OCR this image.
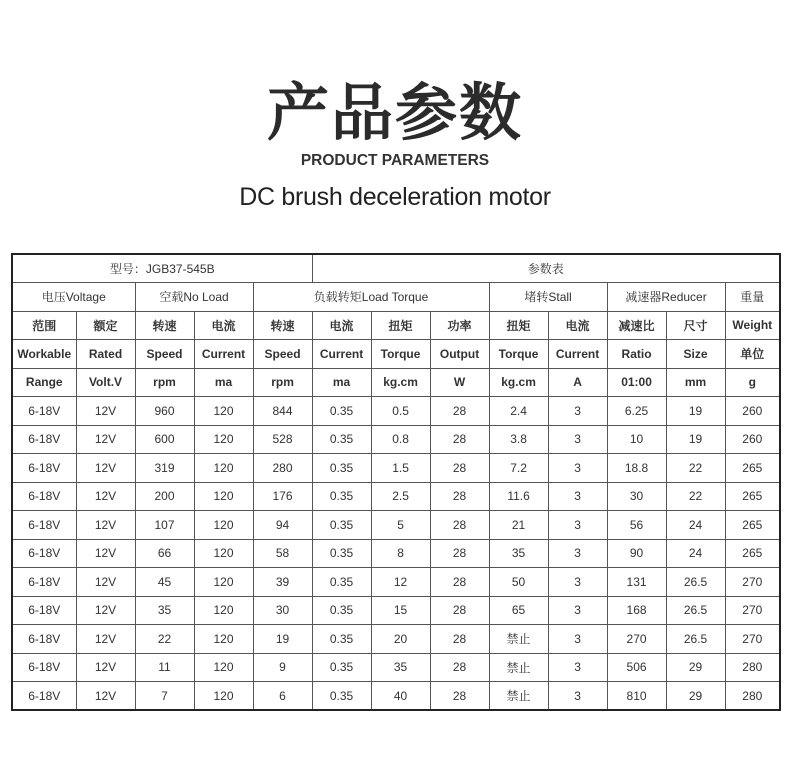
产品参数
PRODUCT PARAMETERS
DC brush deceleration motor
型号：JGB37-545B					参数表							
电压Voltage		空载No Load		负载转矩Load Torque				堵转Stall		减速器Reducer		重量
范围	额定	转速	电流	转速	电流	扭矩	功率	扭矩	电流	减速比	尺寸	Weight
Workable	Rated	Speed	Current	Speed	Current	Torque	Output	Torque	Current	Ratio	Size	单位
Range	Volt.V	rpm	ma	rpm	ma	kg.cm	W	kg.cm	A	01:00	mm	g
6-18V	12V	960	120	844	0.35	0.5	28	2.4	3	6.25	19	260
6-18V	12V	600	120	528	0.35	0.8	28	3.8	3	10	19	260
6-18V	12V	319	120	280	0.35	1.5	28	7.2	3	18.8	22	265
6-18V	12V	200	120	176	0.35	2.5	28	11.6	3	30	22	265
6-18V	12V	107	120	94	0.35	5	28	21	3	56	24	265
6-18V	12V	66	120	58	0.35	8	28	35	3	90	24	265
6-18V	12V	45	120	39	0.35	12	28	50	3	131	26.5	270
6-18V	12V	35	120	30	0.35	15	28	65	3	168	26.5	270
6-18V	12V	22	120	19	0.35	20	28	禁止	3	270	26.5	270
6-18V	12V	11	120	9	0.35	35	28	禁止	3	506	29	280
6-18V	12V	7	120	6	0.35	40	28	禁止	3	810	29	280
